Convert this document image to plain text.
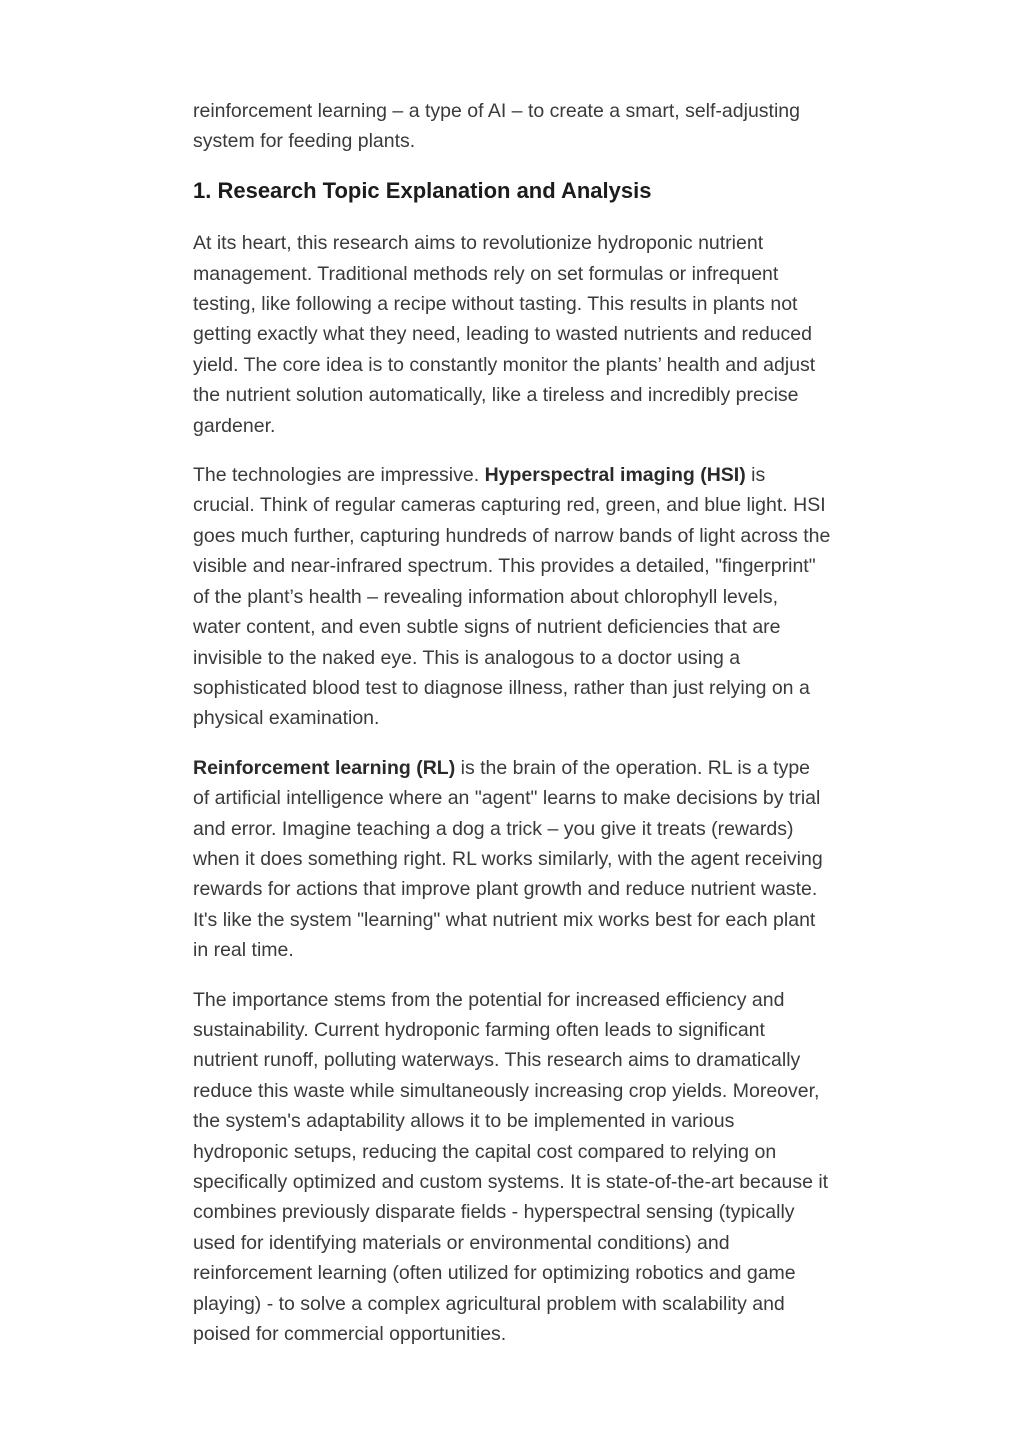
reinforcement learning – a type of AI – to create a smart, self-adjusting system for feeding plants.

1. Research Topic Explanation and Analysis

At its heart, this research aims to revolutionize hydroponic nutrient management. Traditional methods rely on set formulas or infrequent testing, like following a recipe without tasting. This results in plants not getting exactly what they need, leading to wasted nutrients and reduced yield. The core idea is to constantly monitor the plants’ health and adjust the nutrient solution automatically, like a tireless and incredibly precise gardener.

The technologies are impressive. Hyperspectral imaging (HSI) is crucial. Think of regular cameras capturing red, green, and blue light. HSI goes much further, capturing hundreds of narrow bands of light across the visible and near-infrared spectrum. This provides a detailed, "fingerprint" of the plant’s health – revealing information about chlorophyll levels, water content, and even subtle signs of nutrient deficiencies that are invisible to the naked eye. This is analogous to a doctor using a sophisticated blood test to diagnose illness, rather than just relying on a physical examination.

Reinforcement learning (RL) is the brain of the operation. RL is a type of artificial intelligence where an "agent" learns to make decisions by trial and error. Imagine teaching a dog a trick – you give it treats (rewards) when it does something right. RL works similarly, with the agent receiving rewards for actions that improve plant growth and reduce nutrient waste. It's like the system "learning" what nutrient mix works best for each plant in real time.

The importance stems from the potential for increased efficiency and sustainability. Current hydroponic farming often leads to significant nutrient runoff, polluting waterways. This research aims to dramatically reduce this waste while simultaneously increasing crop yields. Moreover, the system's adaptability allows it to be implemented in various hydroponic setups, reducing the capital cost compared to relying on specifically optimized and custom systems. It is state-of-the-art because it combines previously disparate fields - hyperspectral sensing (typically used for identifying materials or environmental conditions) and reinforcement learning (often utilized for optimizing robotics and game playing) - to solve a complex agricultural problem with scalability and poised for commercial opportunities.
